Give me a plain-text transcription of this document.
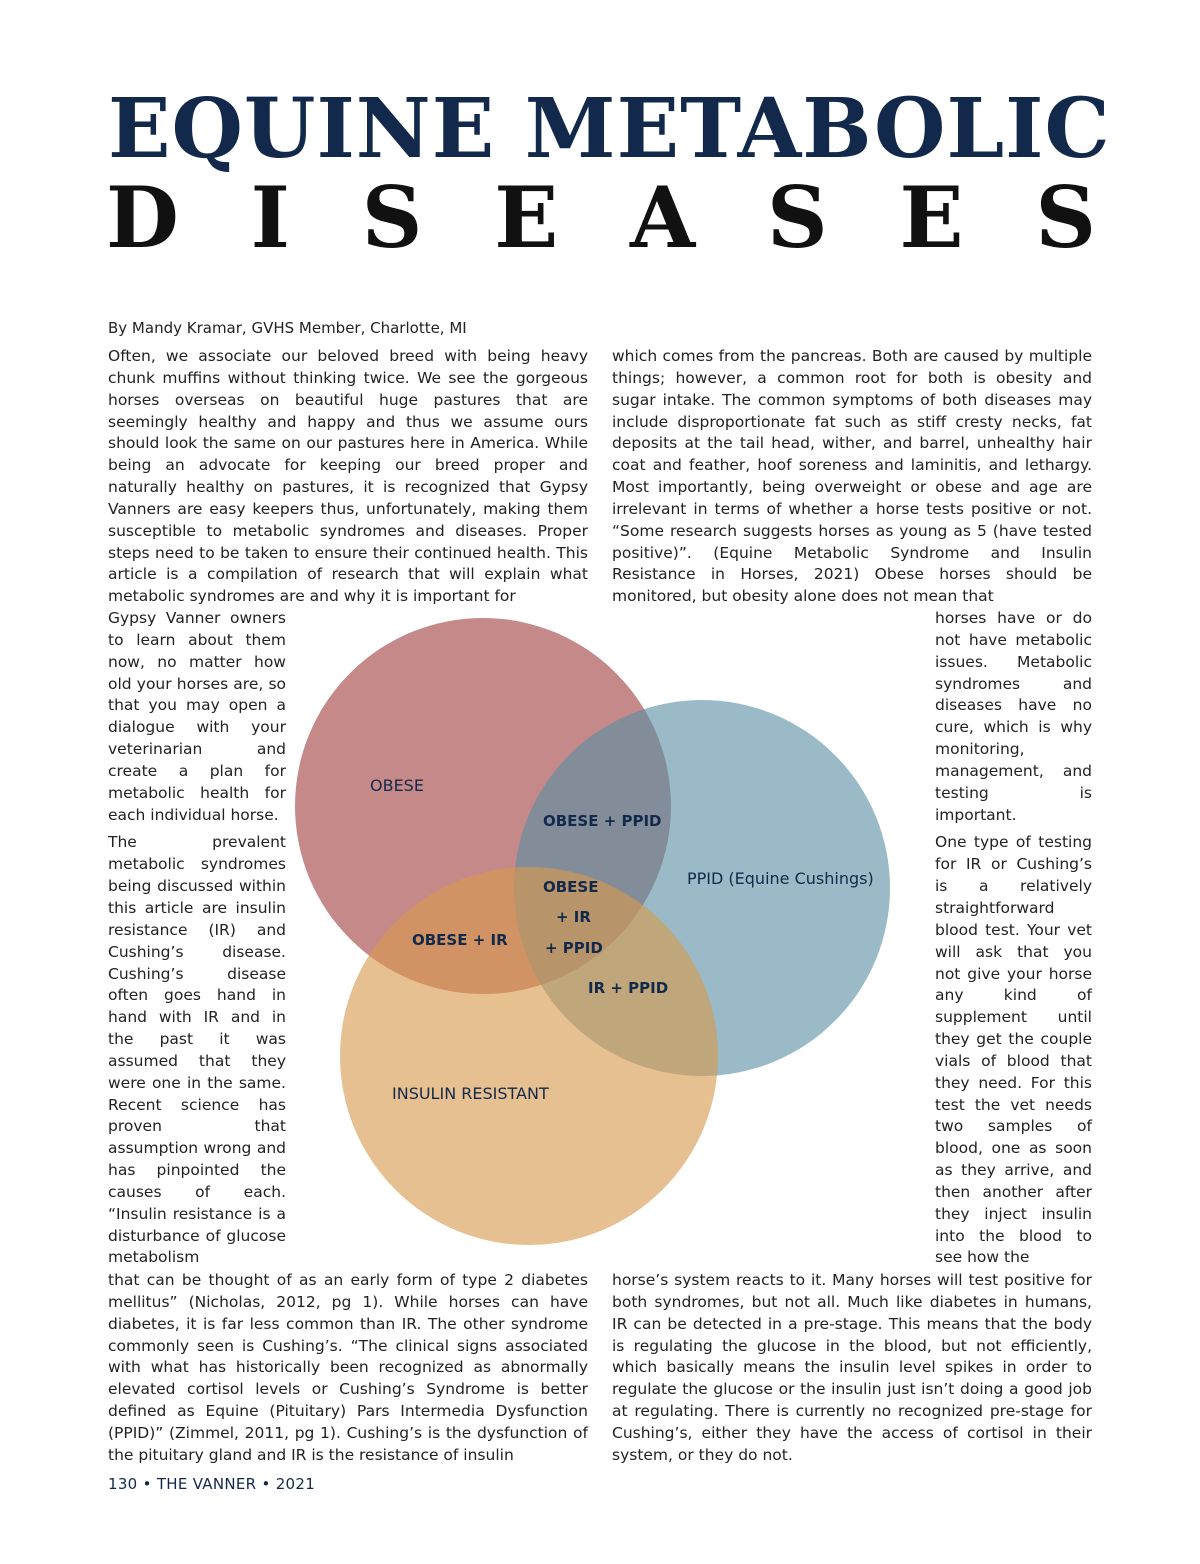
EQUINE METABOLIC
D I S E A S E S
By Mandy Kramar, GVHS Member, Charlotte, MI

Often, we associate our beloved breed with being heavy chunk muffins without thinking twice. We see the gorgeous horses overseas on beautiful huge pastures that are seemingly healthy and happy and thus we assume ours should look the same on our pastures here in America. While being an advocate for keeping our breed proper and naturally healthy on pastures, it is recognized that Gypsy Vanners are easy keepers thus, unfortunately, making them susceptible to metabolic syndromes and diseases. Proper steps need to be taken to ensure their continued health. This article is a compilation of research that will explain what metabolic syndromes are and why it is important for

which comes from the pancreas. Both are caused by multiple things; however, a common root for both is obesity and sugar intake. The common symptoms of both diseases may include disproportionate fat such as stiff cresty necks, fat deposits at the tail head, wither, and barrel, unhealthy hair coat and feather, hoof soreness and laminitis, and lethargy. Most importantly, being overweight or obese and age are irrelevant in terms of whether a horse tests positive or not. “Some research suggests horses as young as 5 (have tested positive)”. (Equine Metabolic Syndrome and Insulin Resistance in Horses, 2021) Obese horses should be monitored, but obesity alone does not mean that

Gypsy Vanner owners to learn about them now, no matter how old your horses are, so that you may open a dialogue with your veterinarian and create a plan for metabolic health for each individual horse.

The prevalent metabolic syndromes being discussed within this article are insulin resistance (IR) and Cushing’s disease. Cushing’s disease often goes hand in hand with IR and in the past it was assumed that they were one in the same. Recent science has proven that assumption wrong and has pinpointed the causes of each. “Insulin resistance is a disturbance of glucose metabolism

horses have or do not have metabolic issues. Metabolic syndromes and diseases have no cure, which is why monitoring, management, and testing is important.

One type of testing for IR or Cushing’s is a relatively straightforward blood test. Your vet will ask that you not give your horse any kind of supplement until they get the couple vials of blood that they need. For this test the vet needs two samples of blood, one as soon as they arrive, and then another after they inject insulin into the blood to see how the

OBESE
PPID (Equine Cushings)
INSULIN RESISTANT
OBESE + PPID
OBESE + IR
IR + PPID
OBESE
+ IR
+ PPID

that can be thought of as an early form of type 2 diabetes mellitus” (Nicholas, 2012, pg 1). While horses can have diabetes, it is far less common than IR. The other syndrome commonly seen is Cushing’s. “The clinical signs associated with what has historically been recognized as abnormally elevated cortisol levels or Cushing’s Syndrome is better defined as Equine (Pituitary) Pars Intermedia Dysfunction (PPID)” (Zimmel, 2011, pg 1). Cushing’s is the dysfunction of the pituitary gland and IR is the resistance of insulin

horse’s system reacts to it. Many horses will test positive for both syndromes, but not all. Much like diabetes in humans, IR can be detected in a pre-stage. This means that the body is regulating the glucose in the blood, but not efficiently, which basically means the insulin level spikes in order to regulate the glucose or the insulin just isn’t doing a good job at regulating. There is currently no recognized pre-stage for Cushing’s, either they have the access of cortisol in their system, or they do not.

130 • THE VANNER • 2021
